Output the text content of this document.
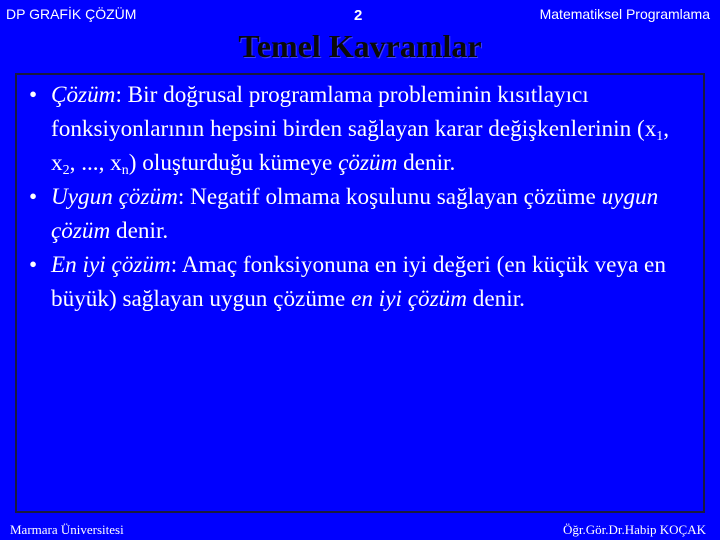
DP GRAFİK ÇÖZÜM	2	Matematiksel Programlama
Temel Kavramlar
• Çözüm: Bir doğrusal programlama probleminin kısıtlayıcı fonksiyonlarının hepsini birden sağlayan karar değişkenlerinin ($x_1$, $x_2$, ..., $x_n$) oluşturduğu kümeye çözüm denir.
• Uygun çözüm: Negatif olmama koşulunu sağlayan çözüme uygun çözüm denir.
• En iyi çözüm: Amaç fonksiyonuna en iyi değeri (en küçük veya en büyük) sağlayan uygun çözüme en iyi çözüm denir.
Marmara Üniversitesi	Öğr.Gör.Dr.Habip KOÇAK
